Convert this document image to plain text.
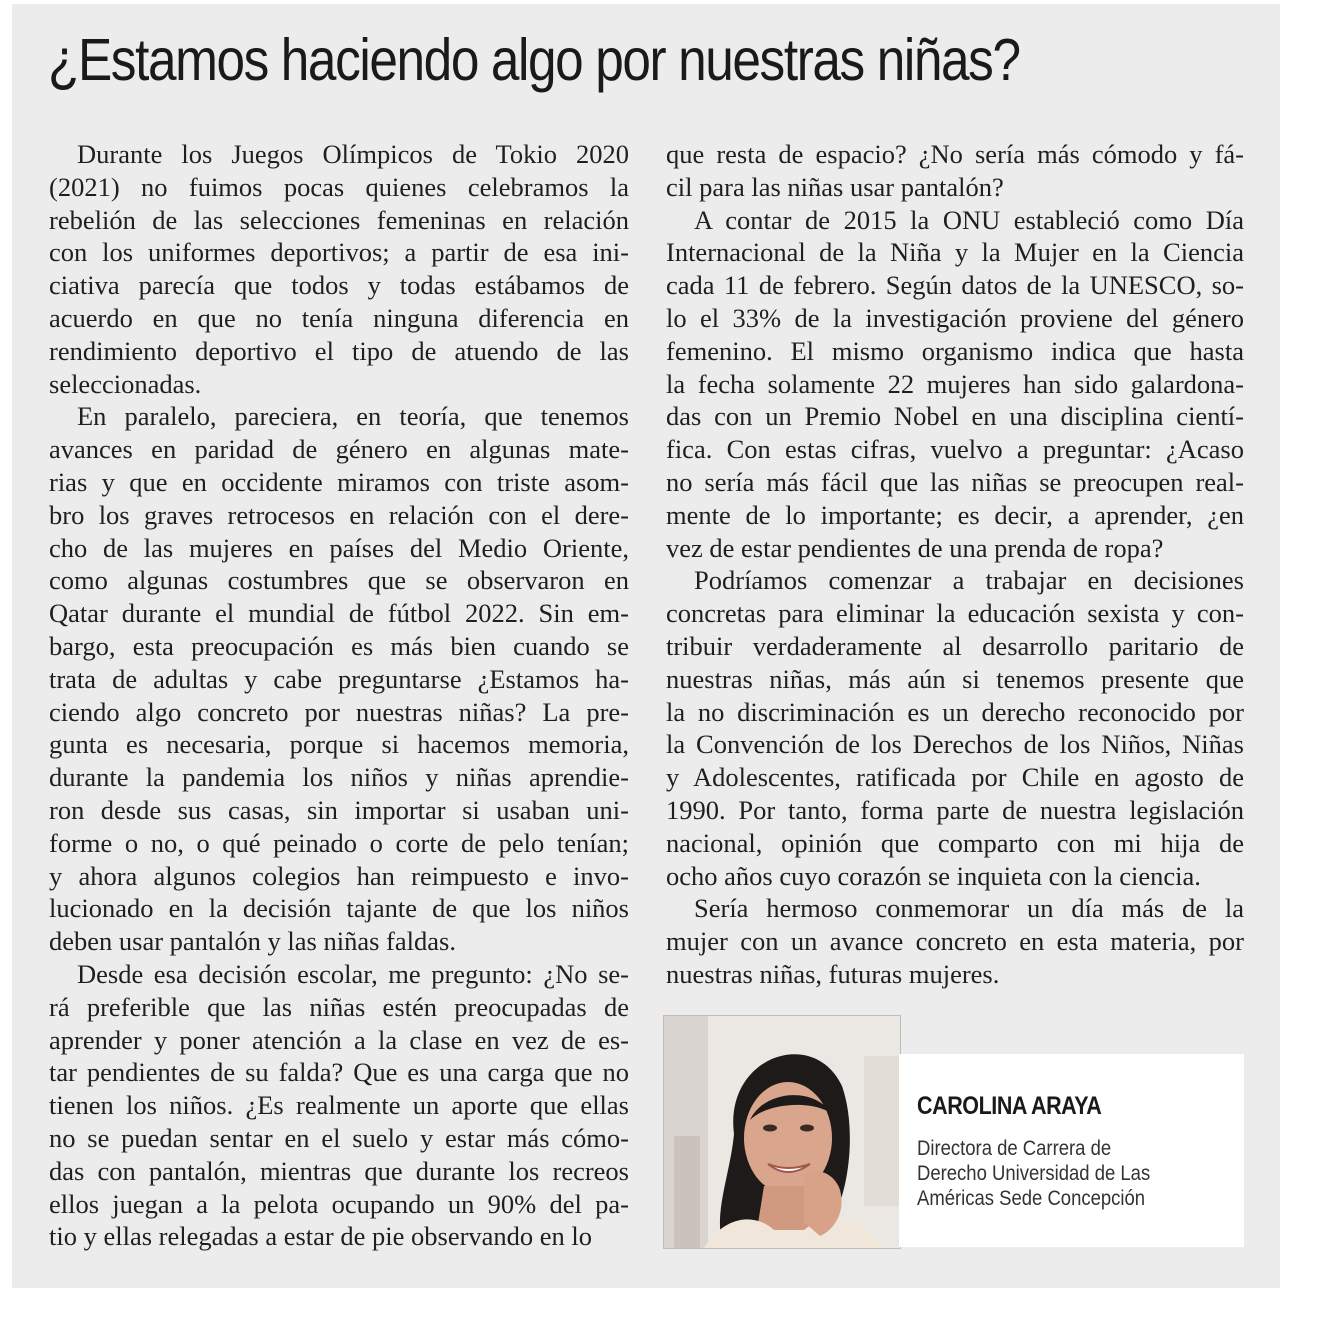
¿Estamos haciendo algo por nuestras niñas?

Durante los Juegos Olímpicos de Tokio 2020
(2021) no fuimos pocas quienes celebramos la
rebelión de las selecciones femeninas en relación
con los uniformes deportivos; a partir de esa ini-
ciativa parecía que todos y todas estábamos de
acuerdo en que no tenía ninguna diferencia en
rendimiento deportivo el tipo de atuendo de las
seleccionadas.

En paralelo, pareciera, en teoría, que tenemos
avances en paridad de género en algunas mate-
rias y que en occidente miramos con triste asom-
bro los graves retrocesos en relación con el dere-
cho de las mujeres en países del Medio Oriente,
como algunas costumbres que se observaron en
Qatar durante el mundial de fútbol 2022. Sin em-
bargo, esta preocupación es más bien cuando se
trata de adultas y cabe preguntarse ¿Estamos ha-
ciendo algo concreto por nuestras niñas? La pre-
gunta es necesaria, porque si hacemos memoria,
durante la pandemia los niños y niñas aprendie-
ron desde sus casas, sin importar si usaban uni-
forme o no, o qué peinado o corte de pelo tenían;
y ahora algunos colegios han reimpuesto e invo-
lucionado en la decisión tajante de que los niños
deben usar pantalón y las niñas faldas.

Desde esa decisión escolar, me pregunto: ¿No se-
rá preferible que las niñas estén preocupadas de
aprender y poner atención a la clase en vez de es-
tar pendientes de su falda? Que es una carga que no
tienen los niños. ¿Es realmente un aporte que ellas
no se puedan sentar en el suelo y estar más cómo-
das con pantalón, mientras que durante los recreos
ellos juegan a la pelota ocupando un 90% del pa-
tio y ellas relegadas a estar de pie observando en lo

que resta de espacio? ¿No sería más cómodo y fá-
cil para las niñas usar pantalón?

A contar de 2015 la ONU estableció como Día
Internacional de la Niña y la Mujer en la Ciencia
cada 11 de febrero. Según datos de la UNESCO, so-
lo el 33% de la investigación proviene del género
femenino. El mismo organismo indica que hasta
la fecha solamente 22 mujeres han sido galardona-
das con un Premio Nobel en una disciplina cientí-
fica. Con estas cifras, vuelvo a preguntar: ¿Acaso
no sería más fácil que las niñas se preocupen real-
mente de lo importante; es decir, a aprender, ¿en
vez de estar pendientes de una prenda de ropa?

Podríamos comenzar a trabajar en decisiones
concretas para eliminar la educación sexista y con-
tribuir verdaderamente al desarrollo paritario de
nuestras niñas, más aún si tenemos presente que
la no discriminación es un derecho reconocido por
la Convención de los Derechos de los Niños, Niñas
y Adolescentes, ratificada por Chile en agosto de
1990. Por tanto, forma parte de nuestra legislación
nacional, opinión que comparto con mi hija de
ocho años cuyo corazón se inquieta con la ciencia.

Sería hermoso conmemorar un día más de la
mujer con un avance concreto en esta materia, por
nuestras niñas, futuras mujeres.

CAROLINA ARAYA
Directora de Carrera de
Derecho Universidad de Las
Américas Sede Concepción
